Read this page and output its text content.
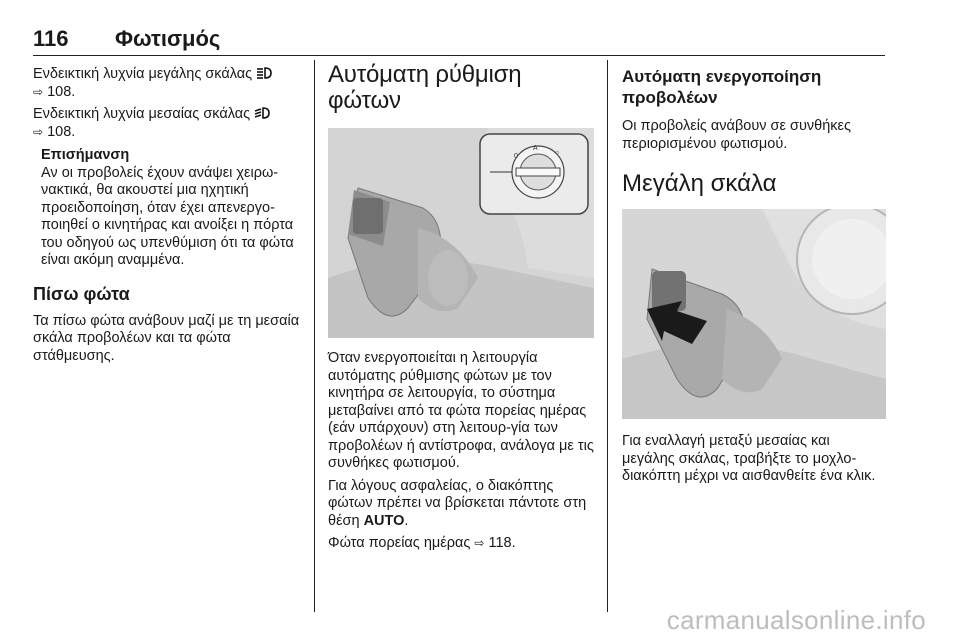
116 Φωτισμός

Ενδεικτική λυχνία μεγάλης σκάλας
⇨ 108.

Ενδεικτική λυχνία μεσαίας σκάλας
⇨ 108.

Επισήμανση

Αν οι προβολείς έχουν ανάψει χειρω-νακτικά, θα ακουστεί μια ηχητική προειδοποίηση, όταν έχει απενεργο-ποιηθεί ο κινητήρας και ανοίξει η πόρτα του οδηγού ως υπενθύμιση ότι τα φώτα είναι ακόμη αναμμένα.

Πίσω φώτα

Τα πίσω φώτα ανάβουν μαζί με τη μεσαία σκάλα προβολέων και τα φώτα στάθμευσης.

Αυτόματη ρύθμιση φώτων
0
A
☼

Όταν ενεργοποιείται η λειτουργία αυτόματης ρύθμισης φώτων με τον κινητήρα σε λειτουργία, το σύστημα μεταβαίνει από τα φώτα πορείας ημέρας (εάν υπάρχουν) στη λειτουρ-γία των προβολέων ή αντίστροφα, ανάλογα με τις συνθήκες φωτισμού.

Για λόγους ασφαλείας, ο διακόπτης φώτων πρέπει να βρίσκεται πάντοτε στη θέση AUTO.

Φώτα πορείας ημέρας ⇨ 118.

Αυτόματη ενεργοποίηση προβολέων

Οι προβολείς ανάβουν σε συνθήκες περιορισμένου φωτισμού.

Μεγάλη σκάλα

Για εναλλαγή μεταξύ μεσαίας και μεγάλης σκάλας, τραβήξτε το μοχλο-διακόπτη μέχρι να αισθανθείτε ένα κλικ.

carmanualsonline.info
